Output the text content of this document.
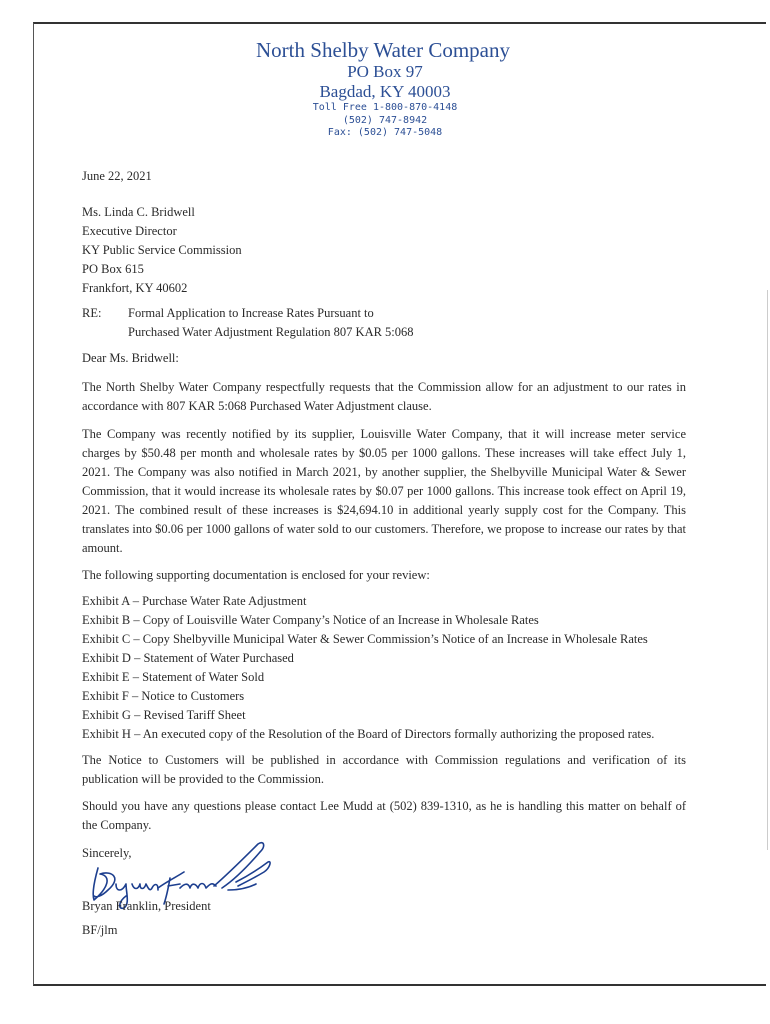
North Shelby Water Company
PO Box 97
Bagdad, KY 40003
Toll Free 1-800-870-4148
(502) 747-8942
Fax: (502) 747-5048
June 22, 2021
Ms. Linda C. Bridwell
Executive Director
KY Public Service Commission
PO Box 615
Frankfort, KY 40602
RE:	Formal Application to Increase Rates Pursuant to
Purchased Water Adjustment Regulation 807 KAR 5:068
Dear Ms. Bridwell:

The North Shelby Water Company respectfully requests that the Commission allow for an adjustment to our rates in accordance with 807 KAR 5:068 Purchased Water Adjustment clause.

The Company was recently notified by its supplier, Louisville Water Company, that it will increase meter service charges by $50.48 per month and wholesale rates by $0.05 per 1000 gallons. These increases will take effect July 1, 2021. The Company was also notified in March 2021, by another supplier, the Shelbyville Municipal Water & Sewer Commission, that it would increase its wholesale rates by $0.07 per 1000 gallons. This increase took effect on April 19, 2021. The combined result of these increases is $24,694.10 in additional yearly supply cost for the Company. This translates into $0.06 per 1000 gallons of water sold to our customers. Therefore, we propose to increase our rates by that amount.

The following supporting documentation is enclosed for your review:

Exhibit A – Purchase Water Rate Adjustment

Exhibit B – Copy of Louisville Water Company’s Notice of an Increase in Wholesale Rates

Exhibit C – Copy Shelbyville Municipal Water & Sewer Commission’s Notice of an Increase in Wholesale Rates

Exhibit D – Statement of Water Purchased

Exhibit E – Statement of Water Sold

Exhibit F – Notice to Customers

Exhibit G – Revised Tariff Sheet

Exhibit H – An executed copy of the Resolution of the Board of Directors formally authorizing the proposed rates.

The Notice to Customers will be published in accordance with Commission regulations and verification of its publication will be provided to the Commission.

Should you have any questions please contact Lee Mudd at (502) 839-1310, as he is handling this matter on behalf of the Company.

Sincerely,
Bryan Franklin, President
BF/jlm
